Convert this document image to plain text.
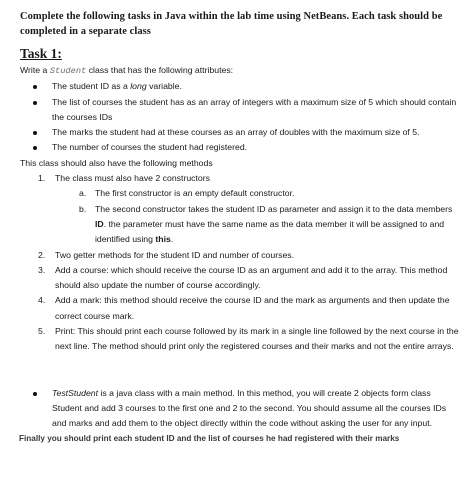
Complete the following tasks in Java within the lab time using NetBeans. Each task should be completed in a separate class

Task 1:

Write a Student class that has the following attributes:

The student ID as a long variable.
The list of courses the student has as an array of integers with a maximum size of 5 which should contain the courses IDs
The marks the student had at these courses as an array of doubles with the maximum size of 5.
The number of courses the student had registered.

This class should also have the following methods

1. The class must also have 2 constructors
a. The first constructor is an empty default constructor.
b. The second constructor takes the student ID as parameter and assign it to the data members ID. the parameter must have the same name as the data member it will be assigned to and identified using this.
2. Two getter methods for the student ID and number of courses.
3. Add a course: which should receive the course ID as an argument and add it to the array. This method should also update the number of course accordingly.
4. Add a mark: this method should receive the course ID and the mark as arguments and then update the correct course mark.
5. Print: This should print each course followed by its mark in a single line followed by the next course in the next line. The method should print only the registered courses and their marks and not the entire arrays.
TestStudent is a java class with a main method. In this method, you will create 2 objects form class Student and add 3 courses to the first one and 2 to the second. You should assume all the courses IDs and marks and add them to the object directly within the code without asking the user for any input.

Finally you should print each student ID and the list of courses he had registered with their marks
